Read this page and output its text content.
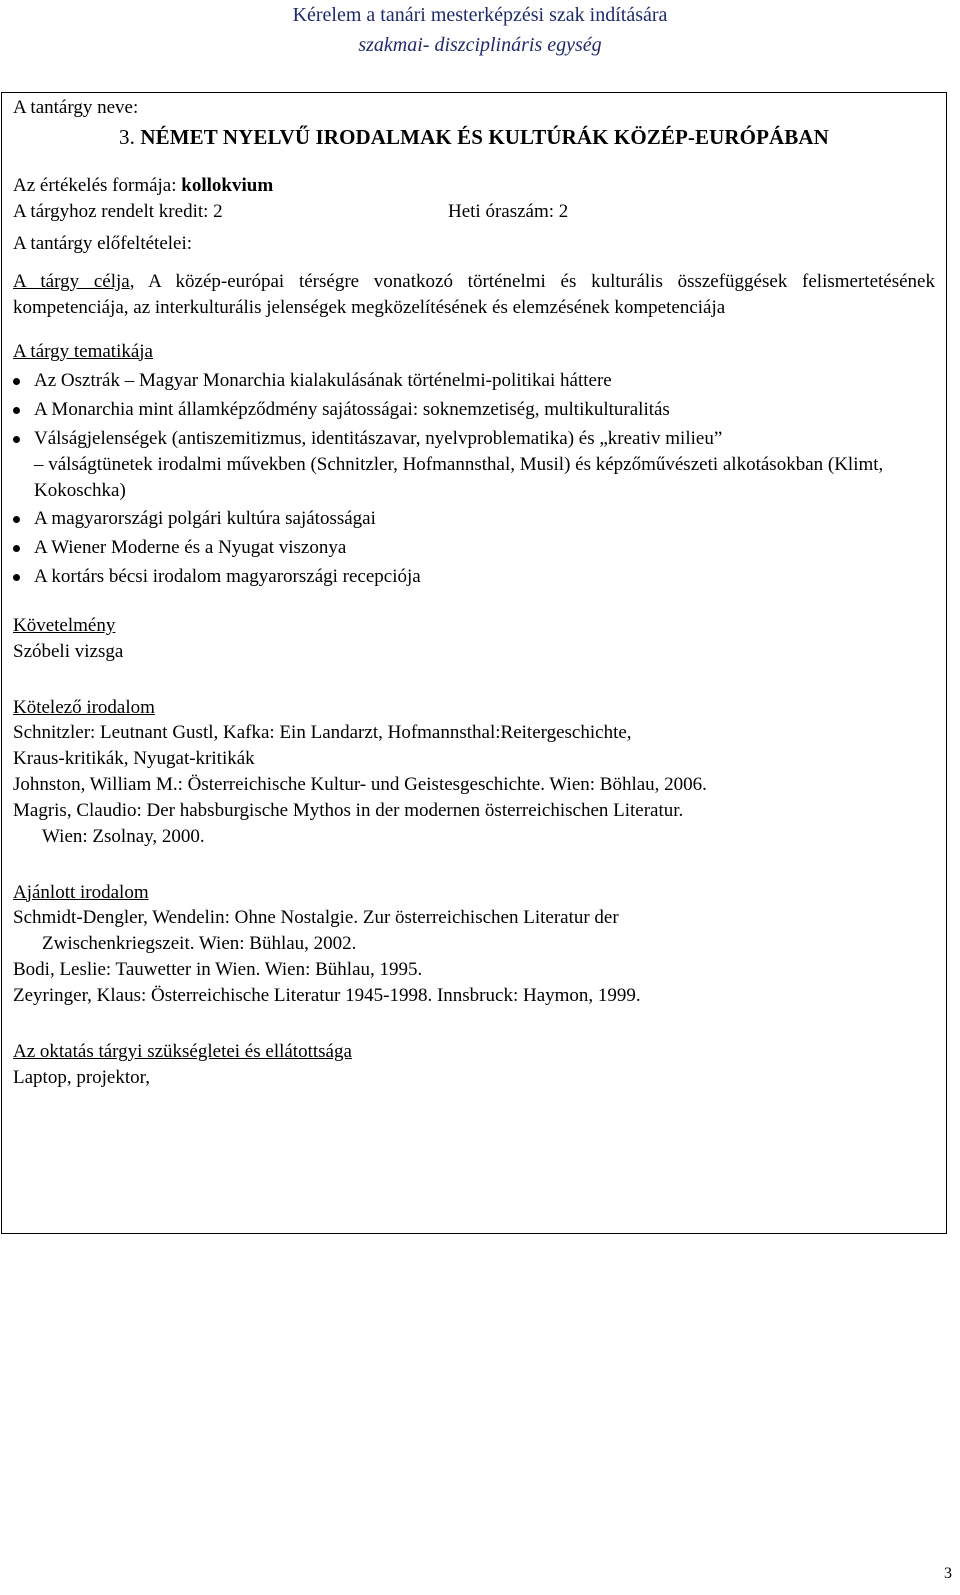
Kérelem a tanári mesterképzési szak indítására
szakmai- diszciplináris egység
A tantárgy neve:
3. NÉMET NYELVŰ IRODALMAK ÉS KULTÚRÁK KÖZÉP-EURÓPÁBAN
Az értékelés formája: kollokvium
A tárgyhoz rendelt kredit: 2	Heti óraszám: 2
A tantárgy előfeltételei:
A tárgy célja, A közép-európai térségre vonatkozó történelmi és kulturális összefüggések felismertetésének kompetenciája, az interkulturális jelenségek megközelítésének és elemzésének kompetenciája
A tárgy tematikája
Az Osztrák – Magyar Monarchia kialakulásának történelmi-politikai háttere
A Monarchia mint államképződmény sajátosságai: soknemzetiség, multikulturalitás
Válságjelenségek (antiszemitizmus, identitászavar, nyelvproblematika) és „kreativ milieu”
– válságtünetek irodalmi művekben (Schnitzler, Hofmannsthal, Musil) és képzőművészeti alkotásokban (Klimt, Kokoschka)
A magyarországi polgári kultúra sajátosságai
A Wiener Moderne és a Nyugat viszonya
A kortárs bécsi irodalom magyarországi recepciója
Követelmény
Szóbeli vizsga
Kötelező irodalom
Schnitzler: Leutnant Gustl, Kafka: Ein Landarzt, Hofmannsthal:Reitergeschichte,
Kraus-kritikák, Nyugat-kritikák
Johnston, William M.: Österreichische Kultur- und Geistesgeschichte. Wien: Böhlau, 2006.
Magris, Claudio: Der habsburgische Mythos in der modernen österreichischen Literatur.
Wien: Zsolnay, 2000.
Ajánlott irodalom
Schmidt-Dengler, Wendelin: Ohne Nostalgie. Zur österreichischen Literatur der
Zwischenkriegszeit. Wien: Bühlau, 2002.
Bodi, Leslie: Tauwetter in Wien. Wien: Bühlau, 1995.
Zeyringer, Klaus: Österreichische Literatur 1945-1998. Innsbruck: Haymon, 1999.
Az oktatás tárgyi szükségletei és ellátottsága
Laptop, projektor,
3
